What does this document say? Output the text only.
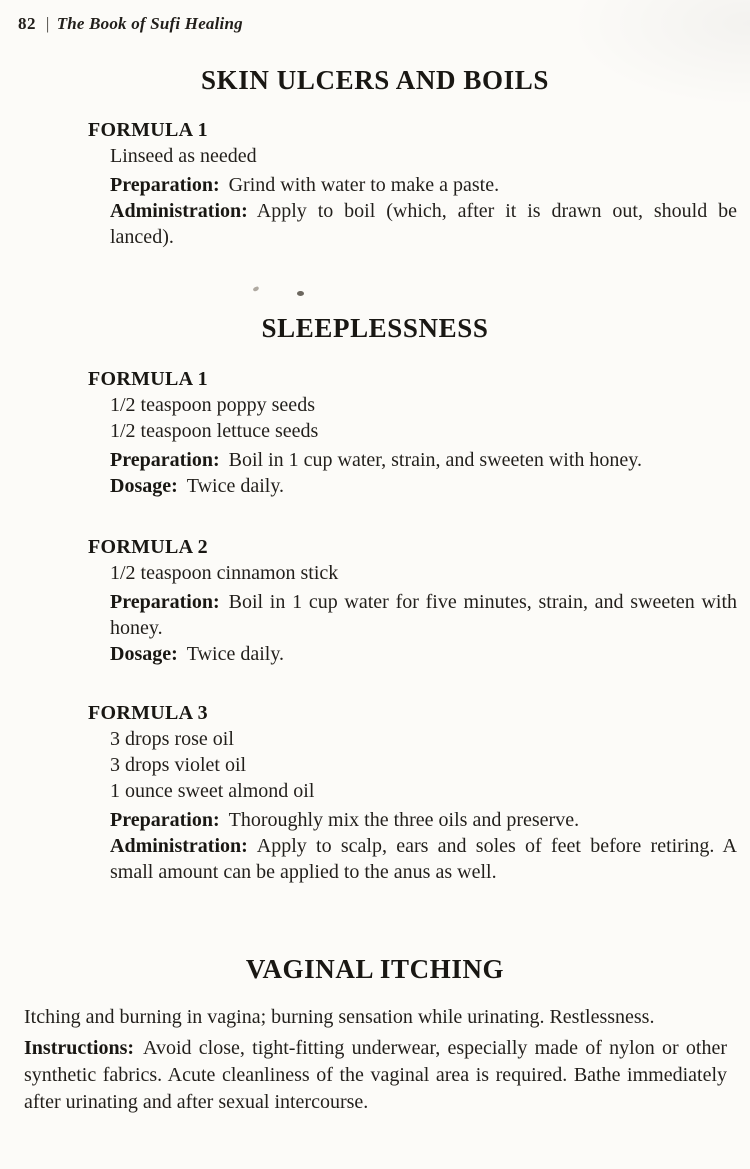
82 | The Book of Sufi Healing
SKIN ULCERS AND BOILS
FORMULA 1
Linseed as needed

Preparation: Grind with water to make a paste.

Administration: Apply to boil (which, after it is drawn out, should be lanced).

SLEEPLESSNESS
FORMULA 1
1/2 teaspoon poppy seeds
1/2 teaspoon lettuce seeds

Preparation: Boil in 1 cup water, strain, and sweeten with honey.

Dosage: Twice daily.

FORMULA 2
1/2 teaspoon cinnamon stick

Preparation: Boil in 1 cup water for five minutes, strain, and sweeten with honey.

Dosage: Twice daily.

FORMULA 3
3 drops rose oil
3 drops violet oil
1 ounce sweet almond oil

Preparation: Thoroughly mix the three oils and preserve.

Administration: Apply to scalp, ears and soles of feet before retiring. A small amount can be applied to the anus as well.

VAGINAL ITCHING

Itching and burning in vagina; burning sensation while urinating. Restlessness.

Instructions: Avoid close, tight-fitting underwear, especially made of nylon or other synthetic fabrics. Acute cleanliness of the vaginal area is required. Bathe immediately after urinating and after sexual intercourse.
